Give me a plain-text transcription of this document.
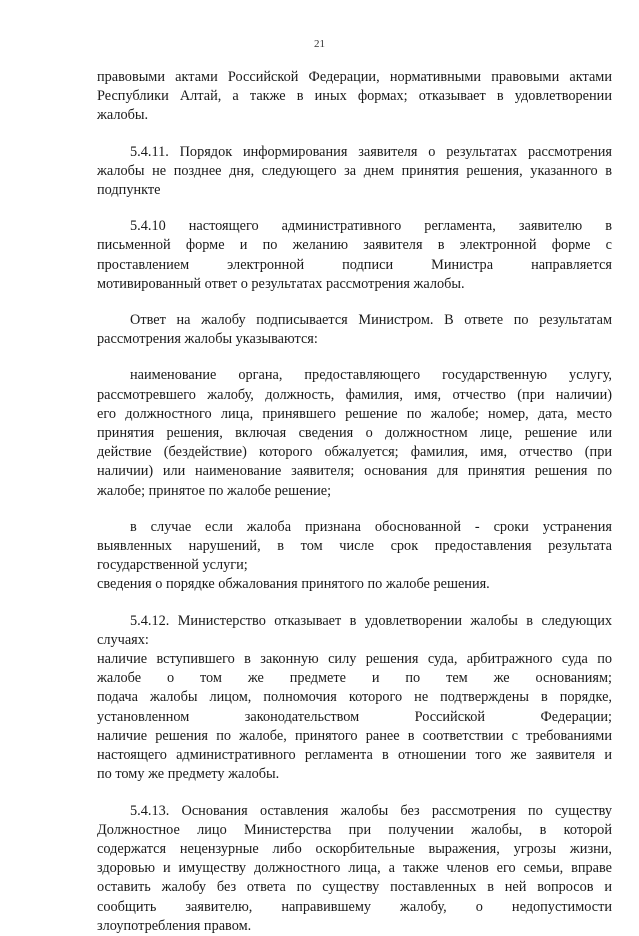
21
правовыми актами Российской Федерации, нормативными правовыми актами
Республики Алтай, а также в иных формах; отказывает в удовлетворении
жалобы.
5.4.11. Порядок информирования заявителя о результатах рассмотрения
жалобы не позднее дня, следующего за днем принятия решения, указанного в
подпункте
5.4.10 настоящего административного регламента, заявителю в
письменной форме и по желанию заявителя в электронной форме с
проставлением электронной подписи Министра направляется
мотивированный ответ о результатах рассмотрения жалобы.
Ответ на жалобу подписывается Министром. В ответе по результатам
рассмотрения жалобы указываются:
наименование органа, предоставляющего государственную услугу,
рассмотревшего жалобу, должность, фамилия, имя, отчество (при наличии)
его должностного лица, принявшего решение по жалобе; номер, дата, место
принятия решения, включая сведения о должностном лице, решение или
действие (бездействие) которого обжалуется; фамилия, имя, отчество (при
наличии) или наименование заявителя; основания для принятия решения по
жалобе; принятое по жалобе решение;
в случае если жалоба признана обоснованной - сроки устранения
выявленных нарушений, в том числе срок предоставления результата
государственной услуги;
сведения о порядке обжалования принятого по жалобе решения.
5.4.12. Министерство отказывает в удовлетворении жалобы в следующих
случаях:
наличие вступившего в законную силу решения суда, арбитражного суда по
жалобе о том же предмете и по тем же основаниям;
подача жалобы лицом, полномочия которого не подтверждены в порядке,
установленном законодательством Российской Федерации;
наличие решения по жалобе, принятого ранее в соответствии с требованиями
настоящего административного регламента в отношении того же заявителя и
по тому же предмету жалобы.
5.4.13. Основания оставления жалобы без рассмотрения по существу
Должностное лицо Министерства при получении жалобы, в которой
содержатся нецензурные либо оскорбительные выражения, угрозы жизни,
здоровью и имуществу должностного лица, а также членов его семьи, вправе
оставить жалобу без ответа по существу поставленных в ней вопросов и
сообщить заявителю, направившему жалобу, о недопустимости
злоупотребления правом.
